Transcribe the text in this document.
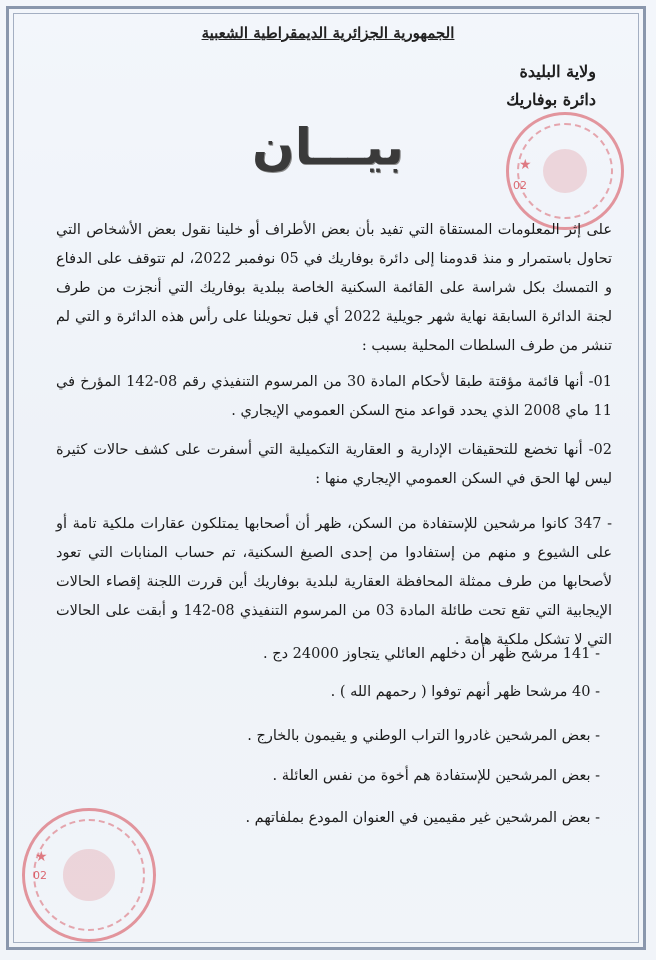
الجمهورية الجزائرية الديمقراطية الشعبية
ولاية البليدة
دائرة بوفاريك
★
02
بيـــان
على إثر المعلومات المستقاة التي تفيد بأن بعض الأطراف أو خلينا نقول بعض الأشخاص التي تحاول باستمرار و منذ قدومنا إلى دائرة بوفاريك في 05 نوفمبر 2022، لم تتوقف على الدفاع و التمسك بكل شراسة على القائمة السكنية الخاصة ببلدية بوفاريك التي أنجزت من طرف لجنة الدائرة السابقة نهاية شهر جويلية 2022 أي قبل تحويلنا على رأس هذه الدائرة و التي لم تنشر من طرف السلطات المحلية بسبب :
01- أنها قائمة مؤقتة طبقا لأحكام المادة 30 من المرسوم التنفيذي رقم 08-142 المؤرخ في 11 ماي 2008 الذي يحدد قواعد منح السكن العمومي الإيجاري .
02- أنها تخضع للتحقيقات الإدارية و العقارية التكميلية التي أسفرت على كشف حالات كثيرة ليس لها الحق في السكن العمومي الإيجاري منها :
- 347 كانوا مرشحين للإستفادة من السكن، ظهر أن أصحابها يمتلكون عقارات ملكية تامة أو على الشيوع و منهم من إستفادوا من إحدى الصيغ السكنية، تم حساب المنابات التي تعود لأصحابها من طرف ممثلة المحافظة العقارية لبلدية بوفاريك أين قررت اللجنة إقصاء الحالات الإيجابية التي تقع تحت طائلة المادة 03 من المرسوم التنفيذي 08-142 و أبقت على الحالات التي لا تشكل ملكية هامة .
- 141 مرشح ظهر أن دخلهم العائلي يتجاوز 24000 دج .
- 40 مرشحا ظهر أنهم توفوا ( رحمهم الله ) .
- بعض المرشحين غادروا التراب الوطني و يقيمون بالخارج .
- بعض المرشحين للإستفادة هم أخوة من نفس العائلة .
- بعض المرشحين غير مقيمين في العنوان المودع بملفاتهم .
★
02
